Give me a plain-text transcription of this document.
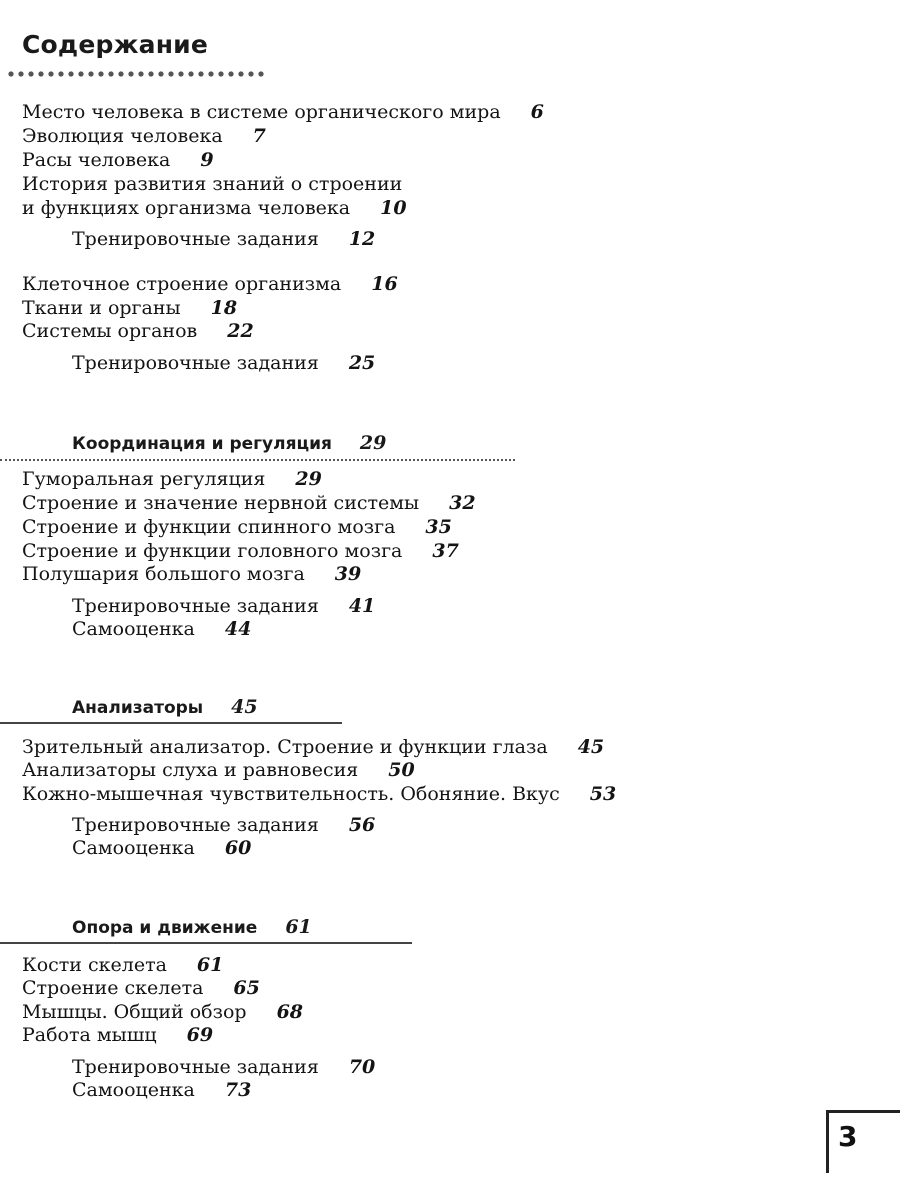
Содержание
Место человека в системе органического мира 6
Эволюция человека 7
Расы человека 9
История развития знаний о строении
и функциях организма человека 10
Тренировочные задания 12
Клеточное строение организма 16
Ткани и органы 18
Системы органов 22
Тренировочные задания 25
Координация и регуляция 29
Гуморальная регуляция 29
Строение и значение нервной системы 32
Строение и функции спинного мозга 35
Строение и функции головного мозга 37
Полушария большого мозга 39
Тренировочные задания 41
Самооценка 44
Анализаторы 45
Зрительный анализатор. Строение и функции глаза 45
Анализаторы слуха и равновесия 50
Кожно-мышечная чувствительность. Обоняние. Вкус 53
Тренировочные задания 56
Самооценка 60
Опора и движение 61
Кости скелета 61
Строение скелета 65
Мышцы. Общий обзор 68
Работа мышц 69
Тренировочные задания 70
Самооценка 73
3
